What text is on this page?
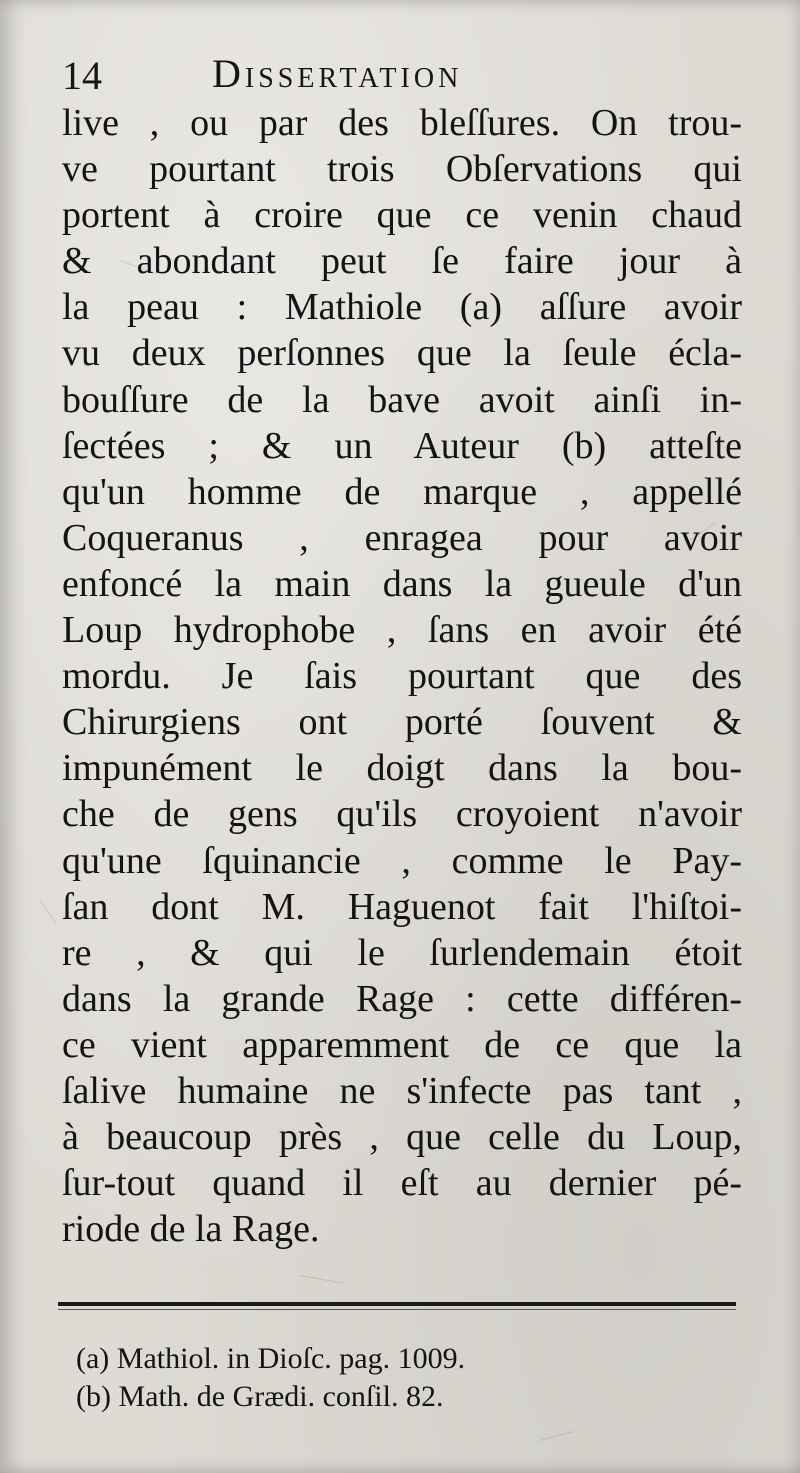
14	Dissertation
live , ou par des bleſſures. On trou-
ve pourtant trois Obſervations qui
portent à croire que ce venin chaud
& abondant peut ſe faire jour à
la peau : Mathiole (a) aſſure avoir
vu deux perſonnes que la ſeule écla-
bouſſure de la bave avoit ainſi in-
ſectées ; & un Auteur (b) atteſte
qu'un homme de marque , appellé
Coqueranus , enragea pour avoir
enfoncé la main dans la gueule d'un
Loup hydrophobe , ſans en avoir été
mordu. Je ſais pourtant que des
Chirurgiens ont porté ſouvent &
impunément le doigt dans la bou-
che de gens qu'ils croyoient n'avoir
qu'une ſquinancie , comme le Pay-
ſan dont M. Haguenot fait l'hiſtoi-
re , & qui le ſurlendemain étoit
dans la grande Rage : cette différen-
ce vient apparemment de ce que la
ſalive humaine ne s'infecte pas tant ,
à beaucoup près , que celle du Loup,
ſur-tout quand il eſt au dernier pé-
riode de la Rage.
(a) Mathiol. in Dioſc. pag. 1009.
(b) Math. de Grædi. conſil. 82.
